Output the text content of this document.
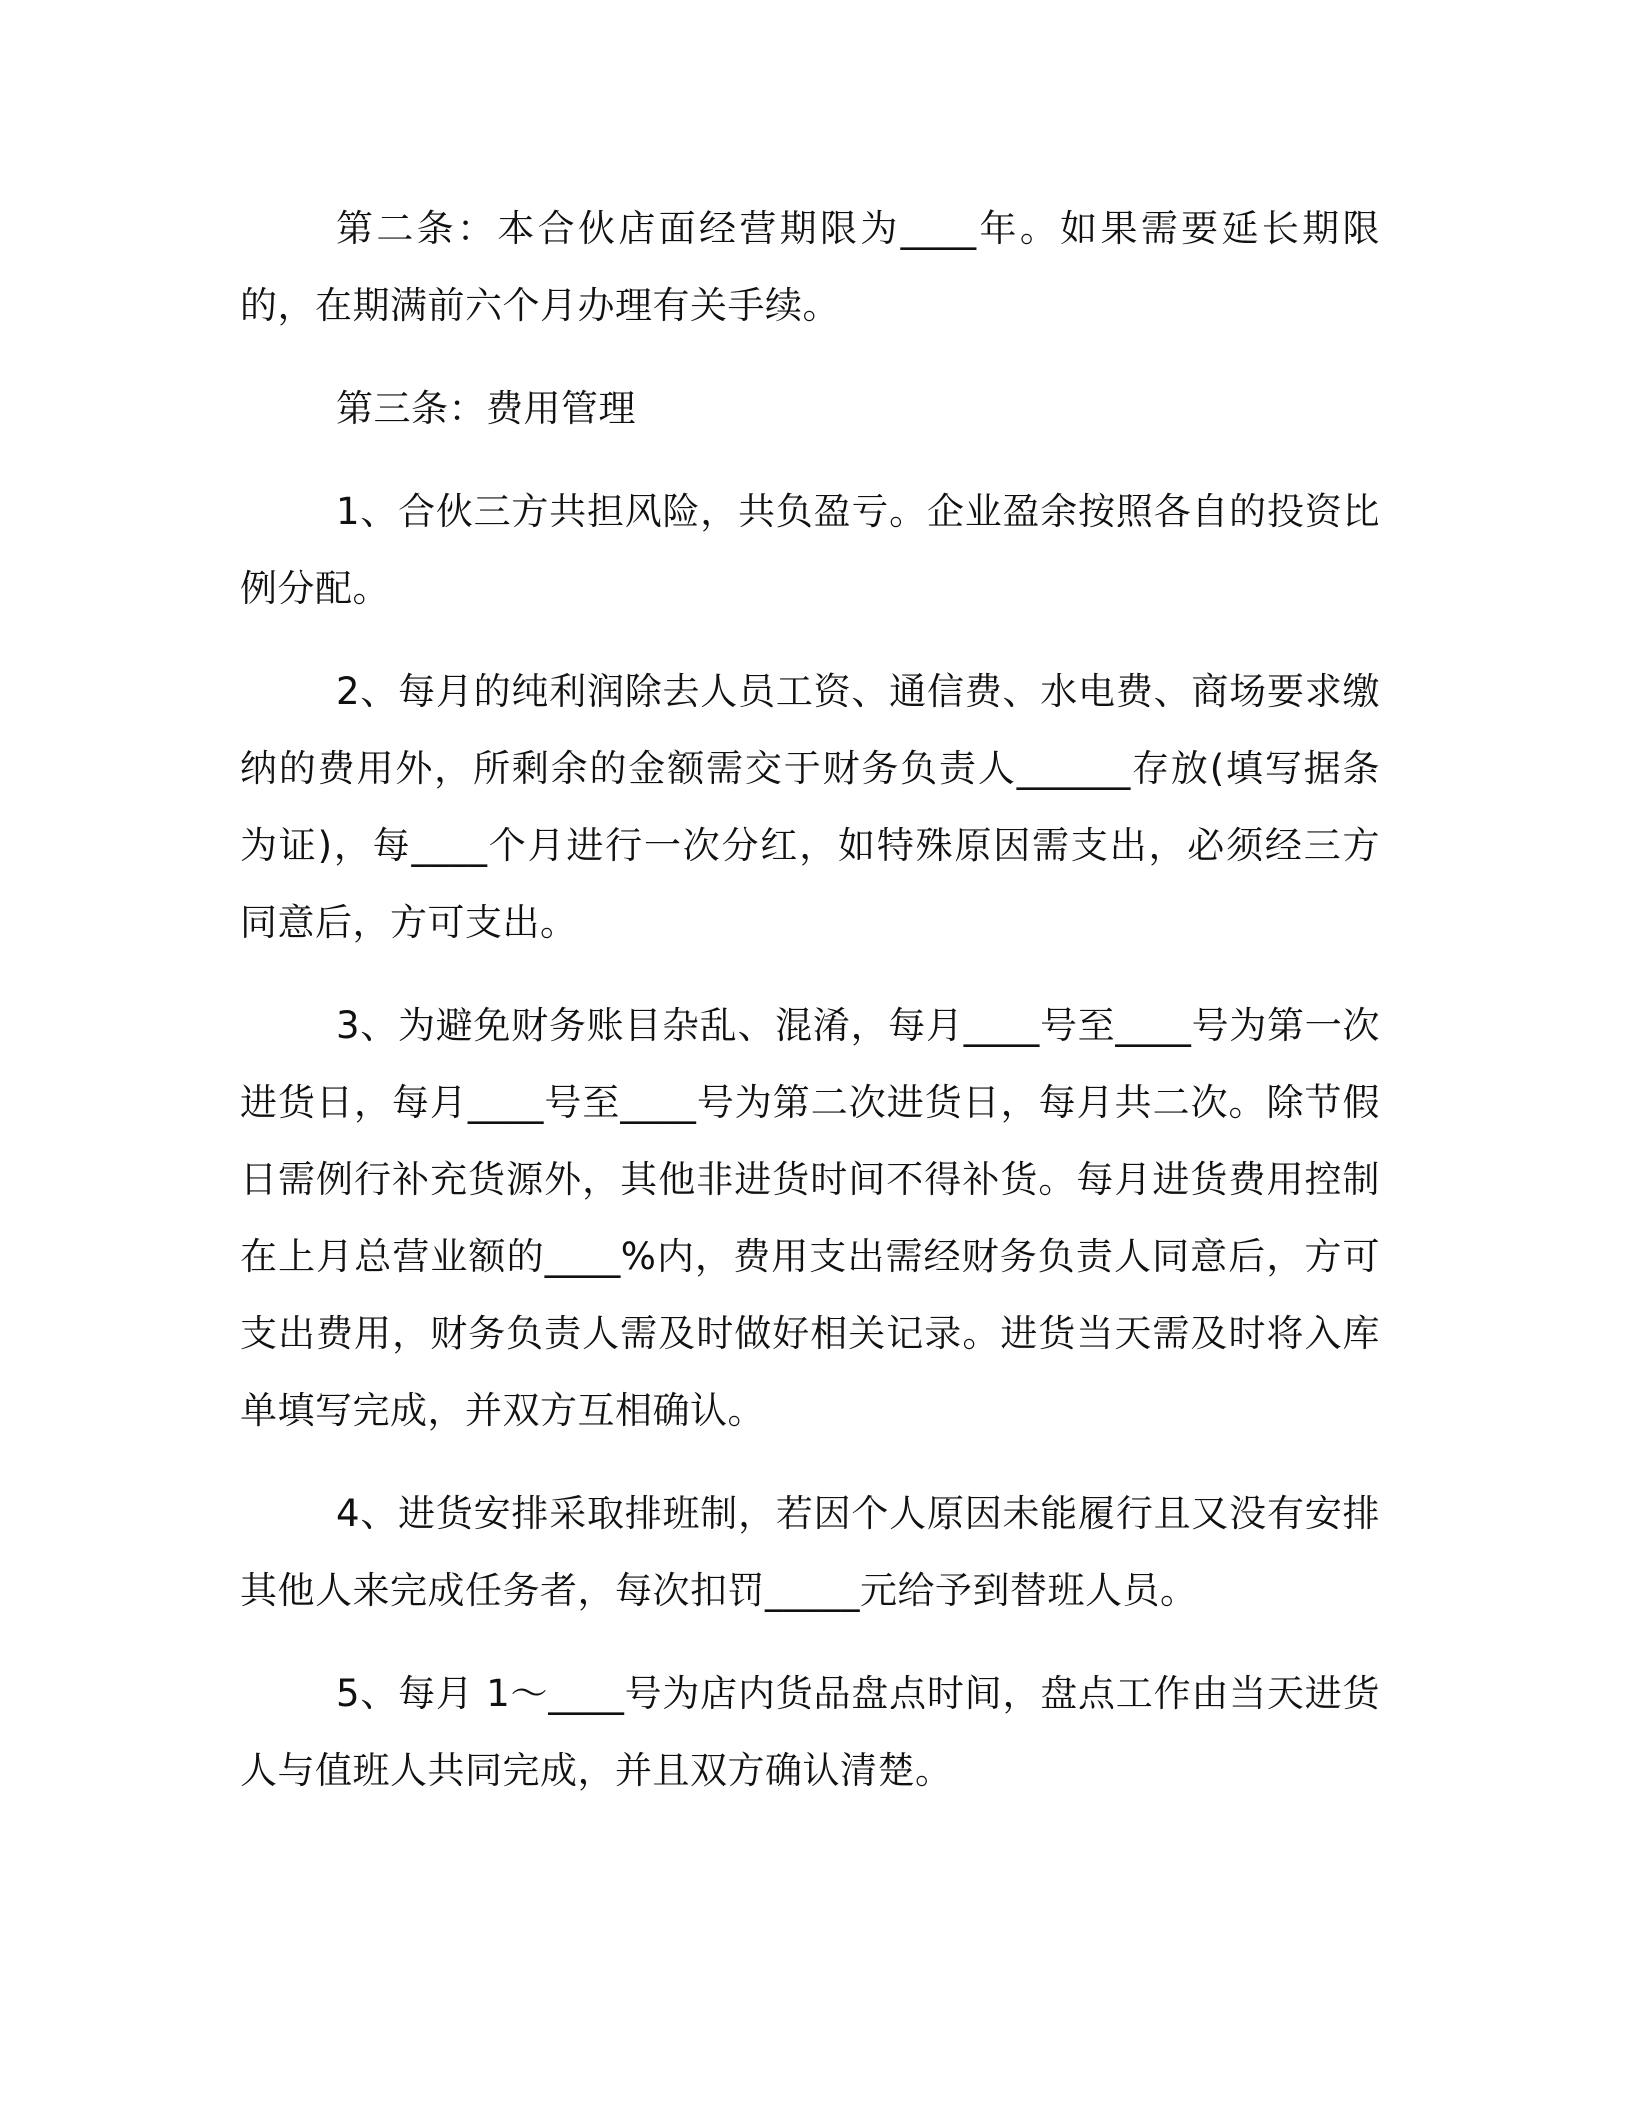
第二条：本合伙店面经营期限为____年。如果需要延长期限的，在期满前六个月办理有关手续。

第三条：费用管理

1、合伙三方共担风险，共负盈亏。企业盈余按照各自的投资比例分配。

2、每月的纯利润除去人员工资、通信费、水电费、商场要求缴纳的费用外，所剩余的金额需交于财务负责人______存放(填写据条为证)，每____个月进行一次分红，如特殊原因需支出，必须经三方同意后，方可支出。

3、为避免财务账目杂乱、混淆，每月____号至____号为第一次进货日，每月____号至____号为第二次进货日，每月共二次。除节假日需例行补充货源外，其他非进货时间不得补货。每月进货费用控制在上月总营业额的____%内，费用支出需经财务负责人同意后，方可支出费用，财务负责人需及时做好相关记录。进货当天需及时将入库单填写完成，并双方互相确认。

4、进货安排采取排班制，若因个人原因未能履行且又没有安排其他人来完成任务者，每次扣罚_____元给予到替班人员。

5、每月 1～____号为店内货品盘点时间，盘点工作由当天进货人与值班人共同完成，并且双方确认清楚。
